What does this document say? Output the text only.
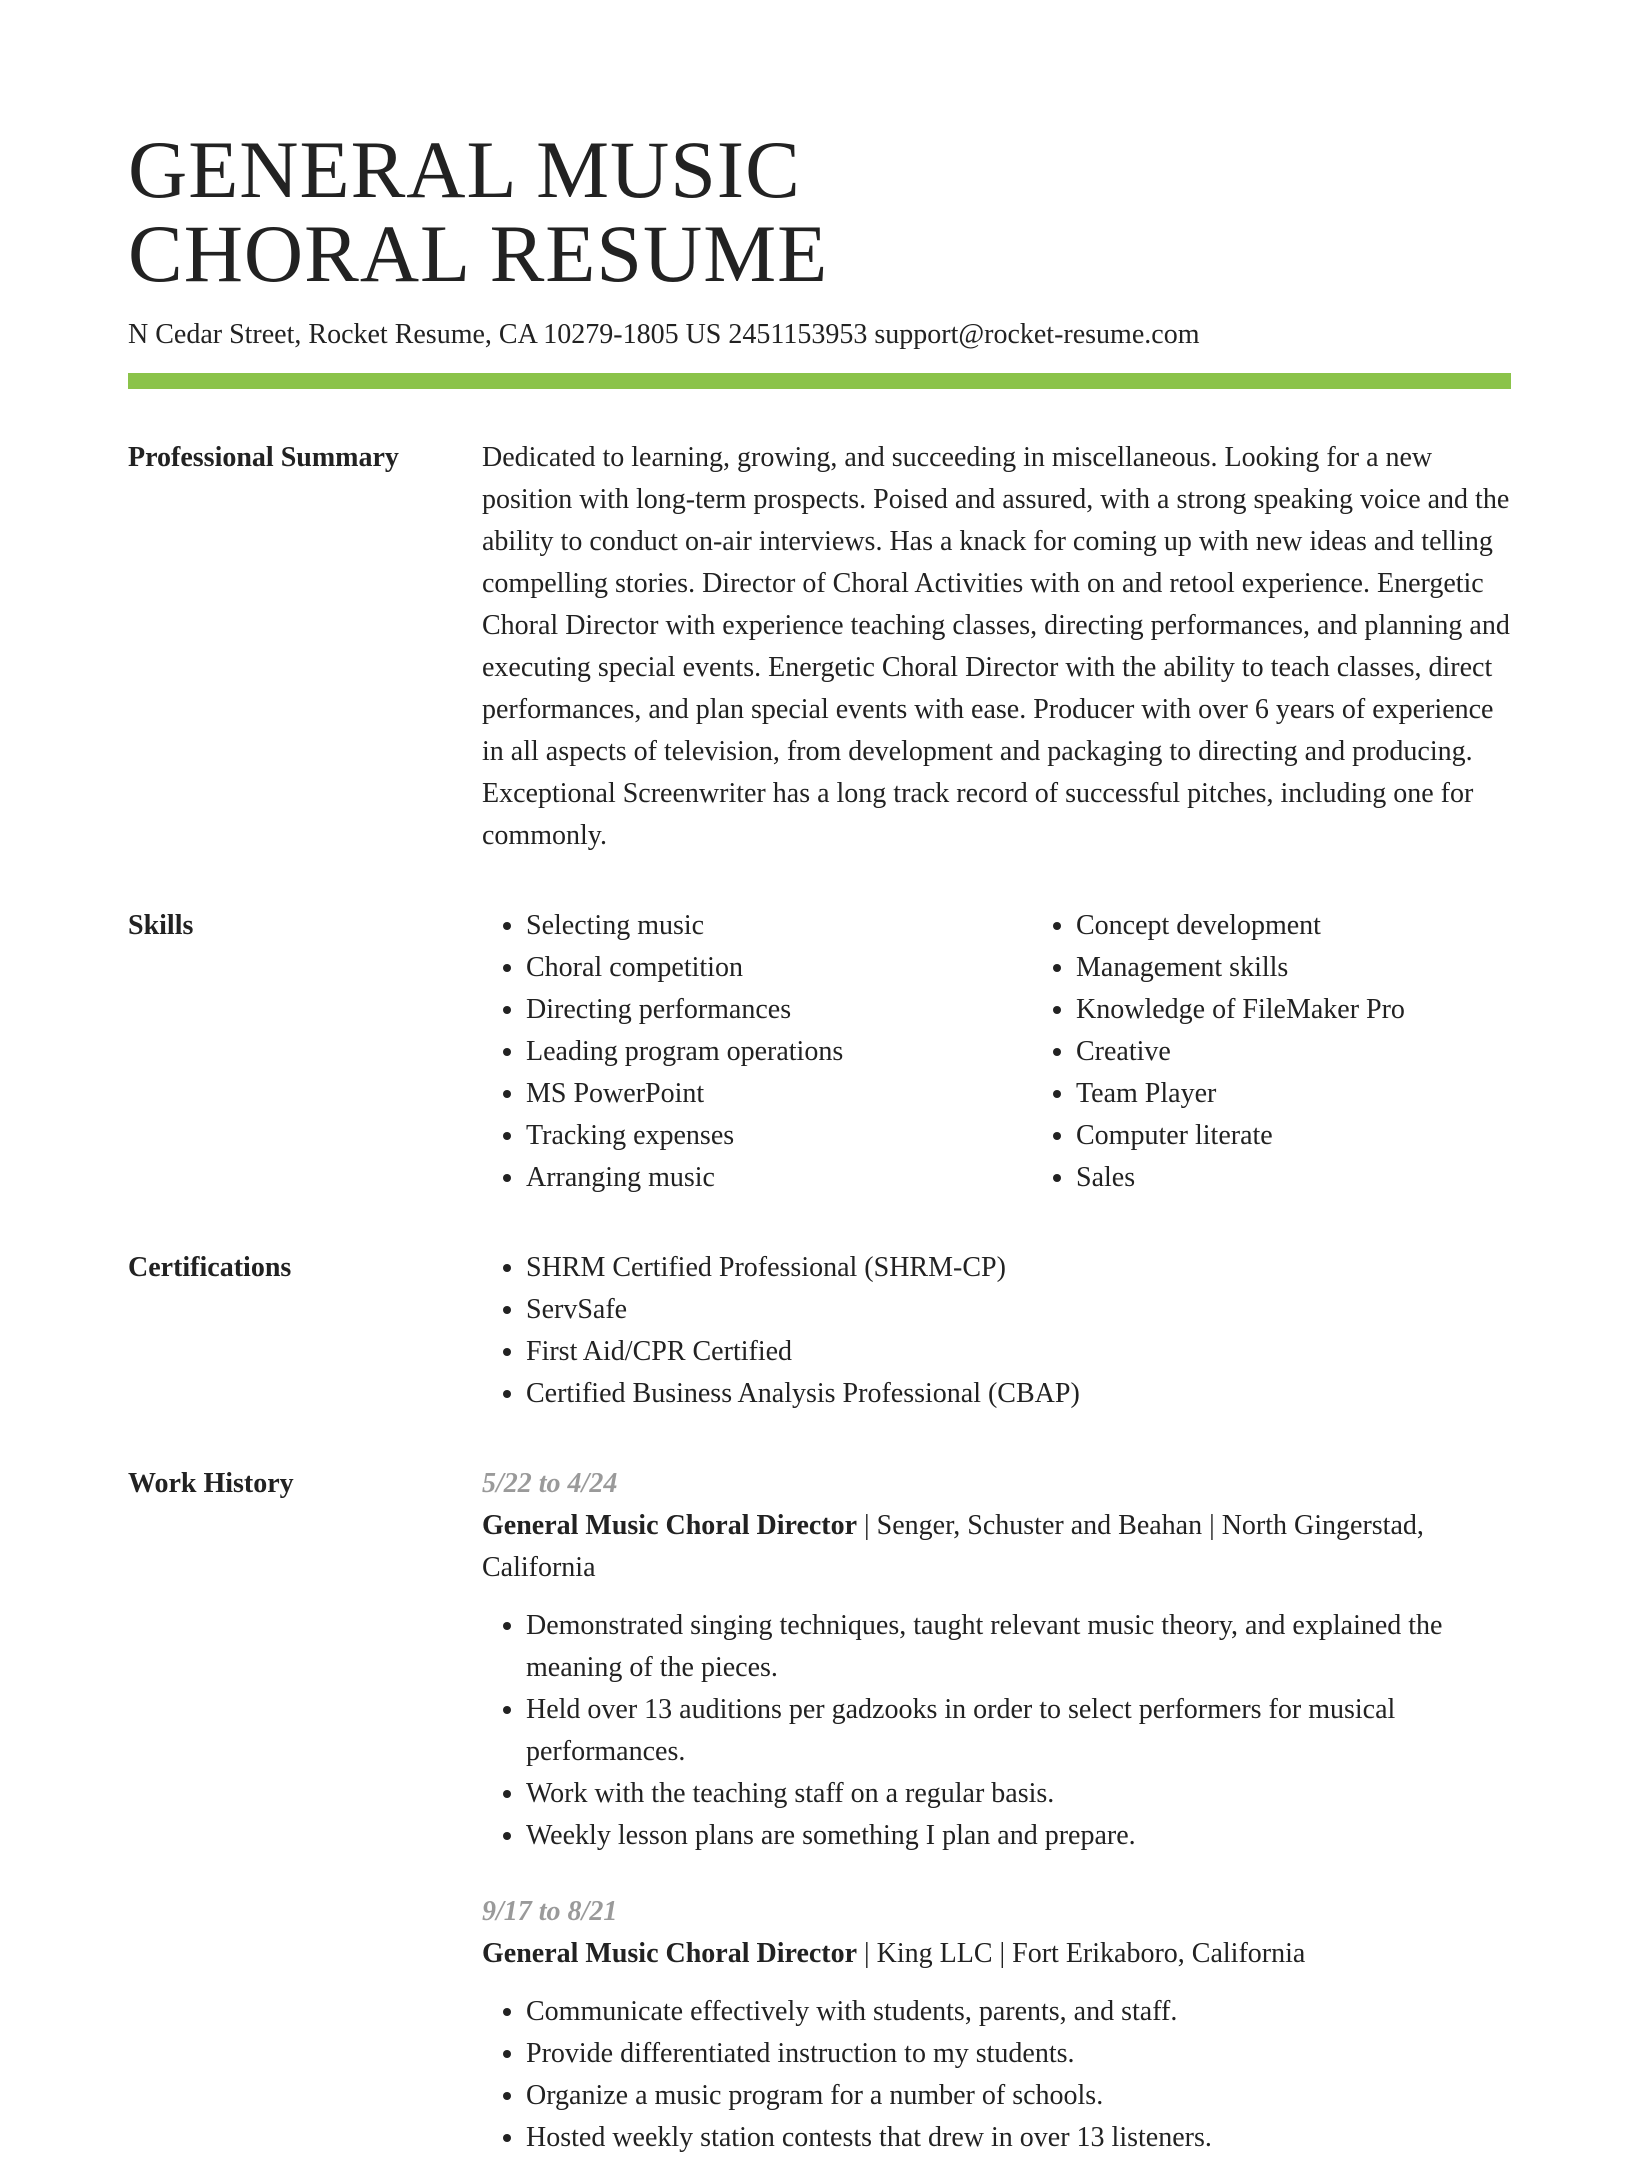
GENERAL MUSIC
CHORAL RESUME
N Cedar Street, Rocket Resume, CA 10279-1805 US 2451153953 support@rocket-resume.com
Professional Summary	Dedicated to learning, growing, and succeeding in miscellaneous. Looking for a new position with long-term prospects. Poised and assured, with a strong speaking voice and the ability to conduct on-air interviews. Has a knack for coming up with new ideas and telling compelling stories. Director of Choral Activities with on and retool experience. Energetic Choral Director with experience teaching classes, directing performances, and planning and executing special events. Energetic Choral Director with the ability to teach classes, direct performances, and plan special events with ease. Producer with over 6 years of experience in all aspects of television, from development and packaging to directing and producing. Exceptional Screenwriter has a long track record of successful pitches, including one for commonly.

Skills	• Selecting music
• Choral competition
• Directing performances
• Leading program operations
• MS PowerPoint
• Tracking expenses
• Arranging music
• Concept development
• Management skills
• Knowledge of FileMaker Pro
• Creative
• Team Player
• Computer literate
• Sales
Certifications	• SHRM Certified Professional (SHRM-CP)
• ServSafe
• First Aid/CPR Certified
• Certified Business Analysis Professional (CBAP)
Work History	5/22 to 4/24
General Music Choral Director | Senger, Schuster and Beahan | North Gingerstad, California
• Demonstrated singing techniques, taught relevant music theory, and explained the meaning of the pieces.
• Held over 13 auditions per gadzooks in order to select performers for musical performances.
• Work with the teaching staff on a regular basis.
• Weekly lesson plans are something I plan and prepare.
9/17 to 8/21
General Music Choral Director | King LLC | Fort Erikaboro, California
• Communicate effectively with students, parents, and staff.
• Provide differentiated instruction to my students.
• Organize a music program for a number of schools.
• Hosted weekly station contests that drew in over 13 listeners.
